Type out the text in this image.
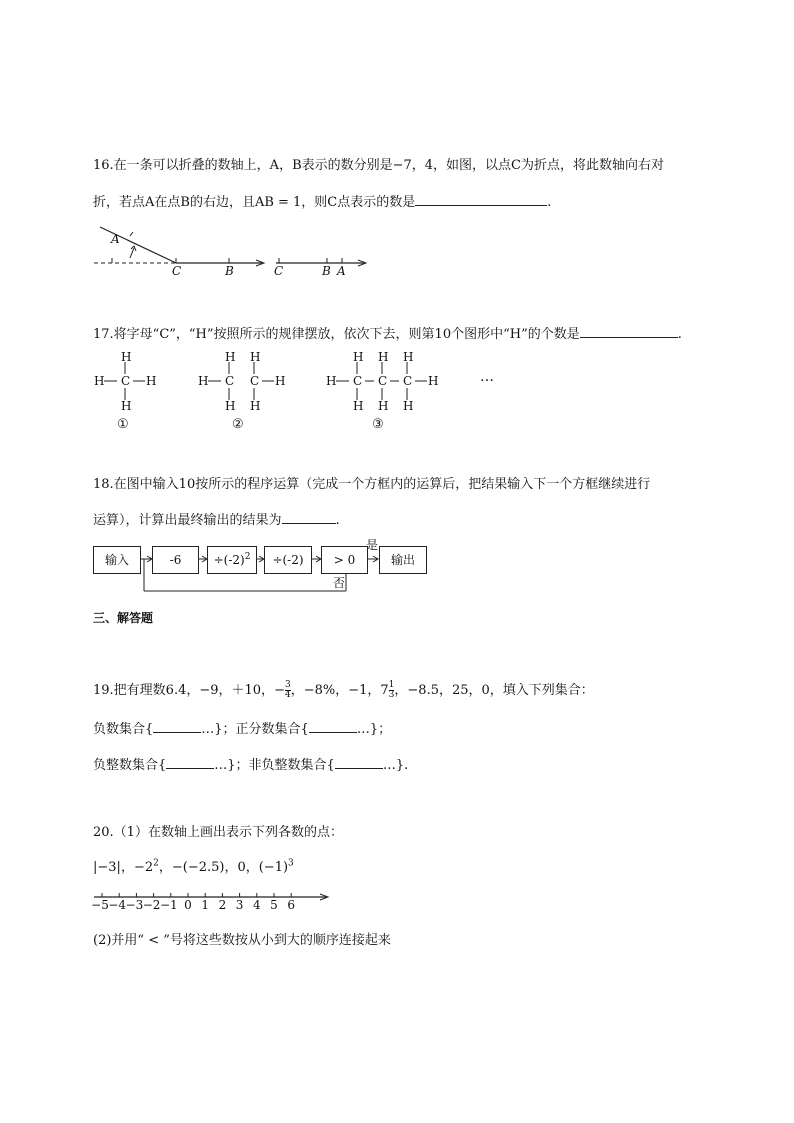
16.在一条可以折叠的数轴上，A，B表示的数分别是−7，4，如图，以点C为折点，将此数轴向右对
折，若点A在点B的右边，且AB = 1，则C点表示的数是	.
A
C	B	C	B A
17.将字母“C”，“H”按照所示的规律摆放，依次下去，则第10个图形中“H”的个数是	.
H
H C H
H
①
H H
H C C H
H H
②
H H H
H C C C H
H H H
③
…
18.在图中输入10按所示的程序运算（完成一个方框内的运算后，把结果输入下一个方框继续进行
运算），计算出最终输出的结果为	.
输入	-6	$\div(-2)^2$	÷(-2)	> 0	输出
是
否
三、解答题
19.把有理数6.4，−9，＋10，− $\frac{3}{4}$ ，−8%，−1，$7 \frac{1}{3}$ ，−8.5，25，0，填入下列集合：
负数集合{	…}；正分数集合{	…}；
负整数集合{	…}；非负整数集合{	…}.
20.（1）在数轴上画出表示下列各数的点：
|−3|，$-2^2$，−(−2.5)，0，$(-1)^3$
−5 −4 −3 −2 −1 0 1 2 3 4 5 6
(2)并用“ < ”号将这些数按从小到大的顺序连接起来
